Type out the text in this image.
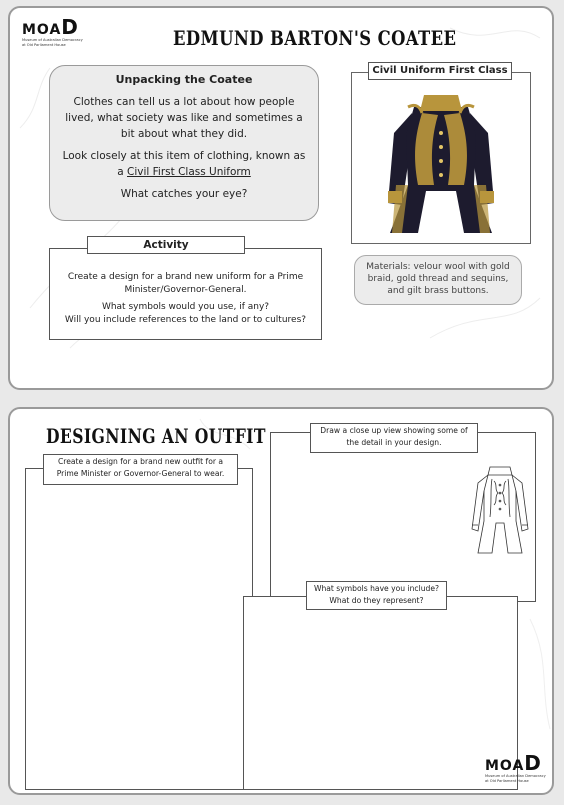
MOAD
Museum of Australian Democracy
at Old Parliament House	EDMUND BARTON'S COATEE
Unpacking the Coatee

Clothes can tell us a lot about how people lived, what society was like and sometimes a bit about what they did.

Look closely at this item of clothing, known as a Civil First Class Uniform

What catches your eye?

Civil Uniform First Class
Materials: velour wool with gold braid, gold thread and sequins, and gilt brass buttons.

Create a design for a brand new uniform for a Prime Minister/Governor-General.

What symbols would you use, if any?

Will you include references to the land or to cultures?

Activity
DESIGNING AN OUTFIT
Create a design for a brand new outfit for a Prime Minister or Governor-General to wear.
Draw a close up view showing some of the detail in your design.
What symbols have you include?
What do they represent?
MOAD
Museum of Australian Democracy
at Old Parliament House
